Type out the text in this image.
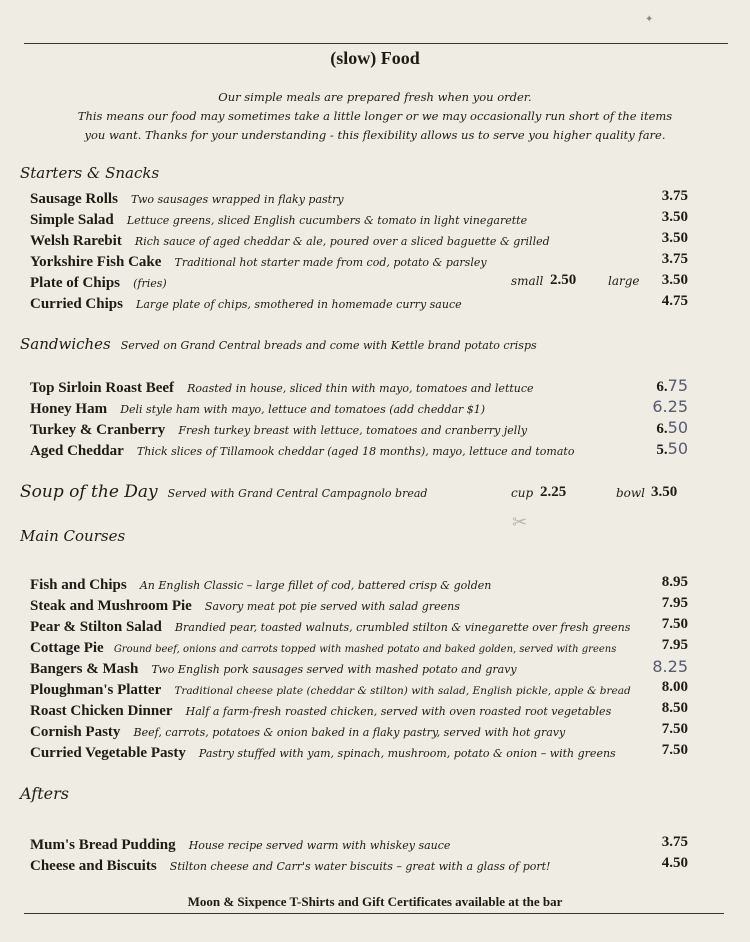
✦
(slow) Food
Our simple meals are prepared fresh when you order.
This means our food may sometimes take a little longer or we may occasionally run short of the items
you want. Thanks for your understanding - this flexibility allows us to serve you higher quality fare.
Starters & Snacks
Sausage Rolls Two sausages wrapped in flaky pastry	3.75
Simple Salad Lettuce greens, sliced English cucumbers & tomato in light vinegarette	3.50
Welsh Rarebit Rich sauce of aged cheddar & ale, poured over a sliced baguette & grilled	3.50
Yorkshire Fish Cake Traditional hot starter made from cod, potato & parsley	3.75
Plate of Chips (fries)	small 2.50	large 3.50
Curried Chips Large plate of chips, smothered in homemade curry sauce	4.75
Sandwiches Served on Grand Central breads and come with Kettle brand potato crisps
Top Sirloin Roast Beef Roasted in house, sliced thin with mayo, tomatoes and lettuce	6.75
Honey Ham Deli style ham with mayo, lettuce and tomatoes (add cheddar $1)	6.25
Turkey & Cranberry Fresh turkey breast with lettuce, tomatoes and cranberry jelly	6.50
Aged Cheddar Thick slices of Tillamook cheddar (aged 18 months), mayo, lettuce and tomato	5.50
Soup of the Day Served with Grand Central Campagnolo bread	cup 2.25	bowl 3.50
✂
Main Courses
Fish and Chips An English Classic – large fillet of cod, battered crisp & golden	8.95
Steak and Mushroom Pie Savory meat pot pie served with salad greens	7.95
Pear & Stilton Salad Brandied pear, toasted walnuts, crumbled stilton & vinegarette over fresh greens	7.50
Cottage Pie Ground beef, onions and carrots topped with mashed potato and baked golden, served with greens	7.95
Bangers & Mash Two English pork sausages served with mashed potato and gravy	8.25
Ploughman's Platter Traditional cheese plate (cheddar & stilton) with salad, English pickle, apple & bread	8.00
Roast Chicken Dinner Half a farm-fresh roasted chicken, served with oven roasted root vegetables	8.50
Cornish Pasty Beef, carrots, potatoes & onion baked in a flaky pastry, served with hot gravy	7.50
Curried Vegetable Pasty Pastry stuffed with yam, spinach, mushroom, potato & onion – with greens	7.50
Afters
Mum's Bread Pudding House recipe served warm with whiskey sauce	3.75
Cheese and Biscuits Stilton cheese and Carr's water biscuits – great with a glass of port!	4.50
Moon & Sixpence T-Shirts and Gift Certificates available at the bar
